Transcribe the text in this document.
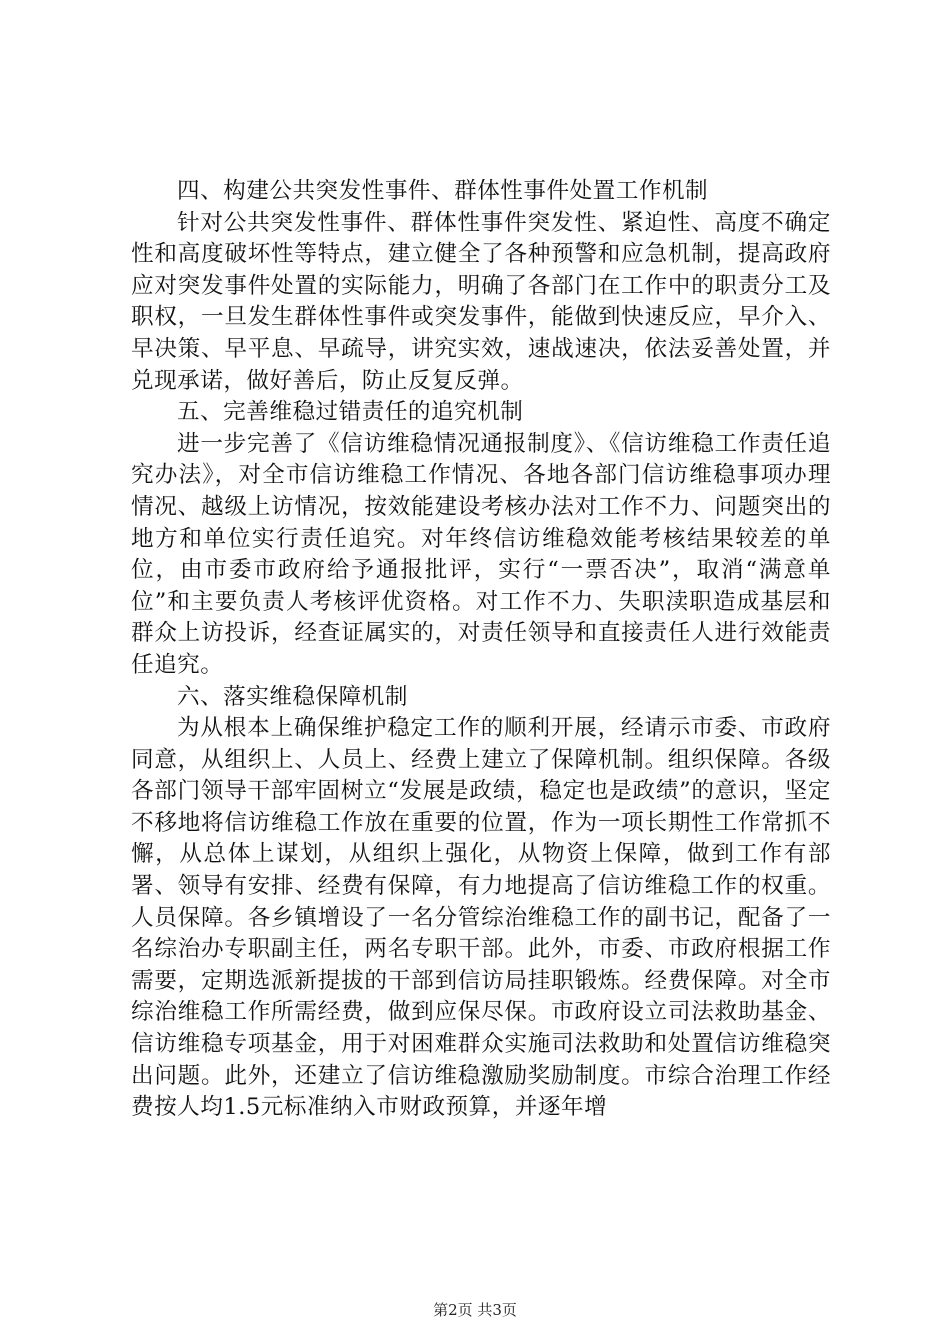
四、构建公共突发性事件、群体性事件处置工作机制

针对公共突发性事件、群体性事件突发性、紧迫性、高度不确定性和高度破坏性等特点，建立健全了各种预警和应急机制，提高政府应对突发事件处置的实际能力，明确了各部门在工作中的职责分工及职权，一旦发生群体性事件或突发事件，能做到快速反应，早介入、早决策、早平息、早疏导，讲究实效，速战速决，依法妥善处置，并兑现承诺，做好善后，防止反复反弹。

五、完善维稳过错责任的追究机制

进一步完善了《信访维稳情况通报制度》、《信访维稳工作责任追究办法》，对全市信访维稳工作情况、各地各部门信访维稳事项办理情况、越级上访情况，按效能建设考核办法对工作不力、问题突出的地方和单位实行责任追究。对年终信访维稳效能考核结果较差的单位，由市委市政府给予通报批评，实行“一票否决”，取消“满意单位”和主要负责人考核评优资格。对工作不力、失职渎职造成基层和群众上访投诉，经查证属实的，对责任领导和直接责任人进行效能责任追究。

六、落实维稳保障机制

为从根本上确保维护稳定工作的顺利开展，经请示市委、市政府同意，从组织上、人员上、经费上建立了保障机制。组织保障。各级各部门领导干部牢固树立“发展是政绩，稳定也是政绩”的意识，坚定不移地将信访维稳工作放在重要的位置，作为一项长期性工作常抓不懈，从总体上谋划，从组织上强化，从物资上保障，做到工作有部署、领导有安排、经费有保障，有力地提高了信访维稳工作的权重。人员保障。各乡镇增设了一名分管综治维稳工作的副书记，配备了一名综治办专职副主任，两名专职干部。此外，市委、市政府根据工作需要，定期选派新提拔的干部到信访局挂职锻炼。经费保障。对全市综治维稳工作所需经费，做到应保尽保。市政府设立司法救助基金、信访维稳专项基金，用于对困难群众实施司法救助和处置信访维稳突出问题。此外，还建立了信访维稳激励奖励制度。市综合治理工作经费按人均1.5元标准纳入市财政预算，并逐年增

第2页 共3页
